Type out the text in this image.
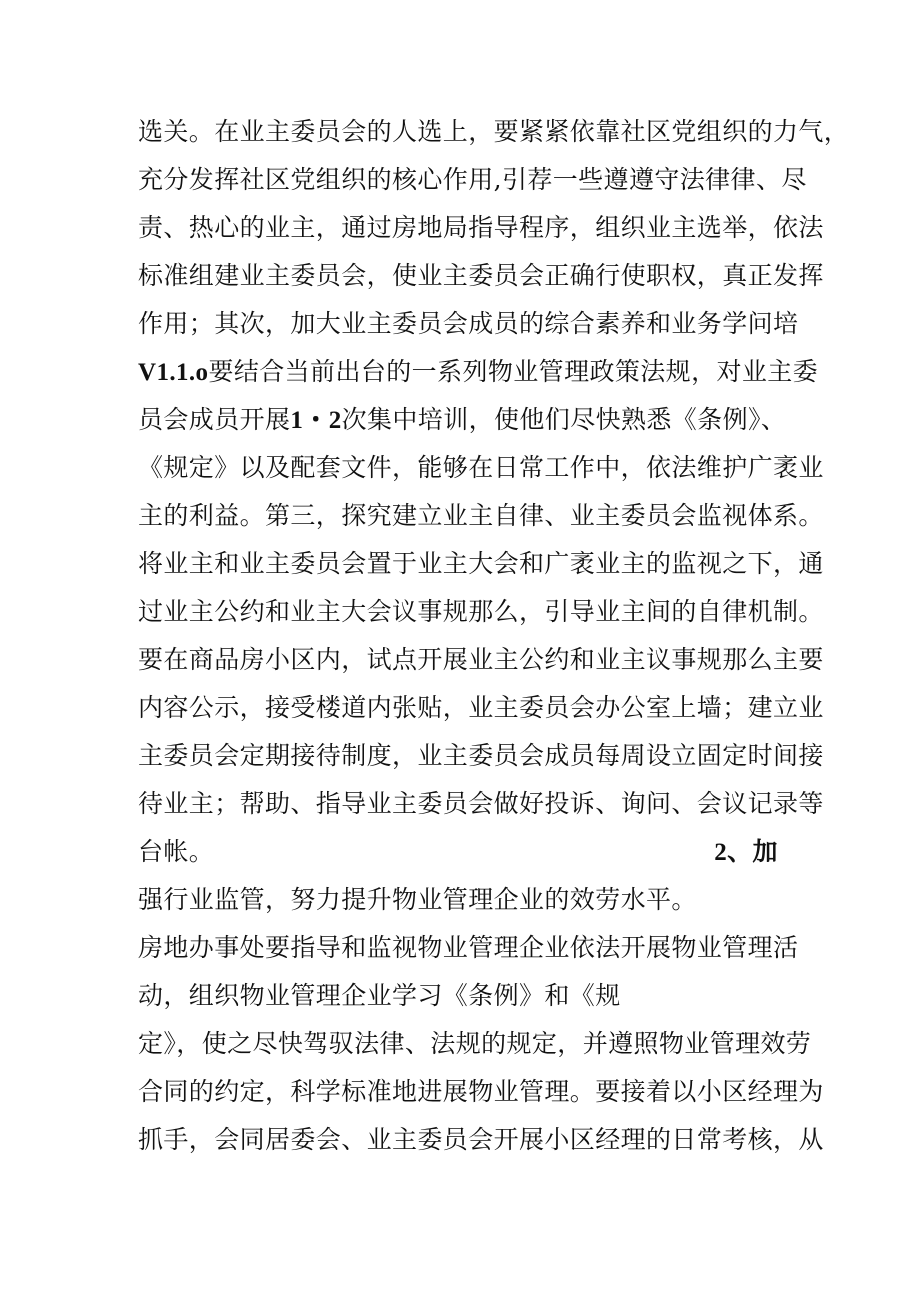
选关。在业主委员会的人选上，要紧紧依靠社区党组织的力气，
充分发挥社区党组织的核心作用,引荐一些遵遵守法律律、尽
责、热心的业主，通过房地局指导程序，组织业主选举，依法
标准组建业主委员会，使业主委员会正确行使职权，真正发挥
作用；其次，加大业主委员会成员的综合素养和业务学问培
V1.1.o要结合当前出台的一系列物业管理政策法规，对业主委
员会成员开展1・2次集中培训，使他们尽快熟悉《条例》、
《规定》以及配套文件，能够在日常工作中，依法维护广袤业
主的利益。第三，探究建立业主自律、业主委员会监视体系。
将业主和业主委员会置于业主大会和广袤业主的监视之下，通
过业主公约和业主大会议事规那么，引导业主间的自律机制。
要在商品房小区内，试点开展业主公约和业主议事规那么主要
内容公示，接受楼道内张贴，业主委员会办公室上墙；建立业
主委员会定期接待制度，业主委员会成员每周设立固定时间接
待业主；帮助、指导业主委员会做好投诉、询问、会议记录等
台帐。	2、加
强行业监管，努力提升物业管理企业的效劳水平。
房地办事处要指导和监视物业管理企业依法开展物业管理活
动，组织物业管理企业学习《条例》和《规
定》，使之尽快驾驭法律、法规的规定，并遵照物业管理效劳
合同的约定，科学标准地进展物业管理。要接着以小区经理为
抓手，会同居委会、业主委员会开展小区经理的日常考核，从
